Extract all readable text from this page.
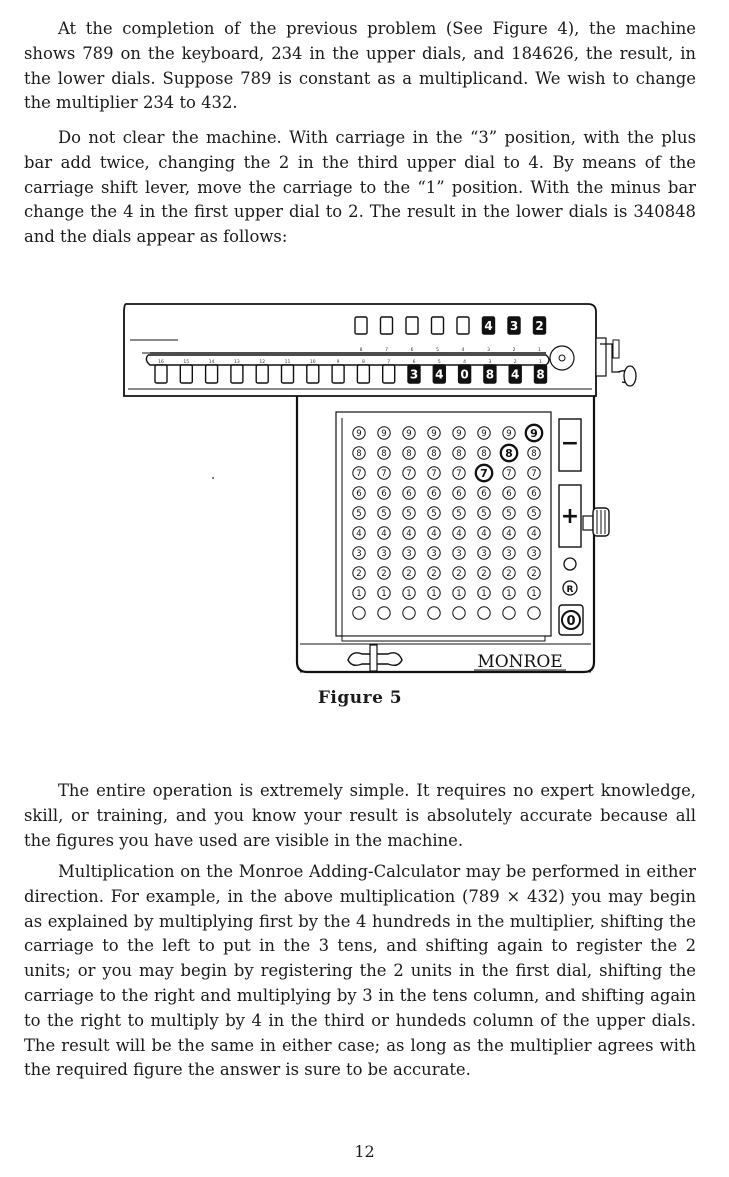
At the completion of the previous problem (See Figure 4), the machine shows 789 on the keyboard, 234 in the upper dials, and 184626, the result, in the lower dials. Suppose 789 is constant as a multiplicand. We wish to change the multiplier 234 to 432.

Do not clear the machine. With carriage in the “3” position, with the plus bar add twice, changing the 2 in the third upper dial to 4. By means of the carriage shift lever, move the carriage to the “1” position. With the minus bar change the 4 in the first upper dial to 2. The result in the lower dials is 340848 and the dials appear as follows:

4 3 2
8	7	6	5	4	3	2	1
3 4 0 8 4 8
16	15	14	13	12	11	10	9	8	7	6	5	4	3	2	1
9
8
7
6
5
4
3
2
1
9
8
7
6
5
4
3
2
1
9
8
7
6
5
4
3
2
1
9
8
7
6
5
4
3
2
1
9
8
7
6
5
4
3
2
1
9
8
7
6
5
4
3
2
1
9
8
7
6
5
4
3
2
1
9
8
7
6
5
4
3
2
1
−
+
R
0
MONROE
Figure 5

The entire operation is extremely simple. It requires no expert knowledge, skill, or training, and you know your result is absolutely accurate because all the figures you have used are visible in the machine.

Multiplication on the Monroe Adding-Calculator may be performed in either direction. For example, in the above multiplication (789 × 432) you may begin as explained by multiplying first by the 4 hundreds in the multiplier, shifting the carriage to the left to put in the 3 tens, and shifting again to register the 2 units; or you may begin by registering the 2 units in the first dial, shifting the carriage to the right and multiplying by 3 in the tens column, and shifting again to the right to multiply by 4 in the third or hundeds column of the upper dials. The result will be the same in either case; as long as the multiplier agrees with the required figure the answer is sure to be accurate.

12
